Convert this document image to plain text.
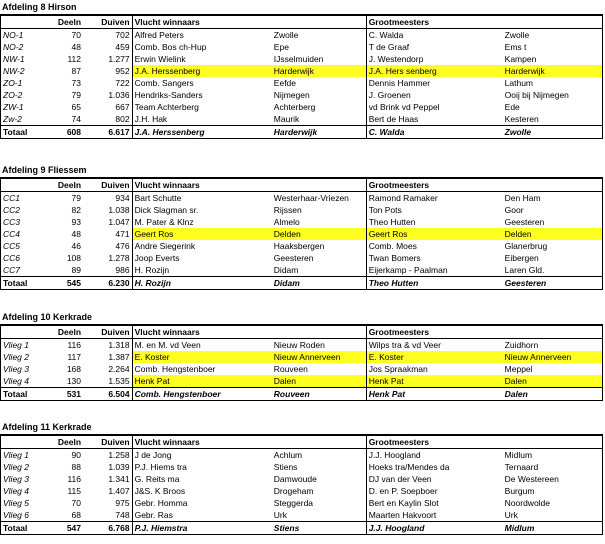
Afdeling 8 Hirson
	Deeln	Duiven	Vlucht winnaars		Grootmeesters	
NO-1	70	702	Alfred Peters	Zwolle	C. Walda	Zwolle
NO-2	48	459	Comb. Bos ch-Hup	Epe	T de Graaf	Ems t
NW-1	112	1.277	Erwin Wielink	IJsselmuiden	J. Westendorp	Kampen
NW-2	87	952	J.A. Herssenberg	Harderwijk	J.A. Hers senberg	Harderwijk
ZO-1	73	722	Comb. Sangers	Eefde	Dennis Hammer	Lathum
ZO-2	79	1.036	Hendriks-Sanders	Nijmegen	J. Groenen	Ooij bij Nijmegen
ZW-1	65	667	Team Achterberg	Achterberg	vd Brink vd Peppel	Ede
Zw-2	74	802	J.H. Hak	Maurik	Bert de Haas	Kesteren
Totaal	608	6.617	J.A. Herssenberg	Harderwijk	C. Walda	Zwolle
Afdeling 9 Fliessem
	Deeln	Duiven	Vlucht winnaars		Grootmeesters	
CC1	79	934	Bart Schutte	Westerhaar-Vriezen	Ramond Ramaker	Den Ham
CC2	82	1.038	Dick Slagman sr.	Rijssen	Ton Pots	Goor
CC3	93	1.047	M. Pater & Klnz	Almelo	Theo Hutten	Geesteren
CC4	48	471	Geert Ros	Delden	Geert Ros	Delden
CC5	46	476	Andre Siegerink	Haaksbergen	Comb. Moes	Glanerbrug
CC6	108	1.278	Joop Everts	Geesteren	Twan Bomers	Eibergen
CC7	89	986	H. Rozijn	Didam	Eijerkamp - Paalman	Laren Gld.
Totaal	545	6.230	H. Rozijn	Didam	Theo Hutten	Geesteren
Afdeling 10 Kerkrade
	Deeln	Duiven	Vlucht winnaars		Grootmeesters	
Vlieg 1	116	1.318	M. en M. vd Veen	Nieuw Roden	Wilps tra & vd Veer	Zuidhorn
Vlieg 2	117	1.387	E. Koster	Nieuw Annerveen	E. Koster	Nieuw Annerveen
Vlieg 3	168	2.264	Comb. Hengstenboer	Rouveen	Jos Spraakman	Meppel
Vlieg 4	130	1.535	Henk Pat	Dalen	Henk Pat	Dalen
Totaal	531	6.504	Comb. Hengstenboer	Rouveen	Henk Pat	Dalen
Afdeling 11 Kerkrade
	Deeln	Duiven	Vlucht winnaars		Grootmeesters	
Vlieg 1	90	1.258	J de Jong	Achlum	J.J. Hoogland	Midlum
Vlieg 2	88	1.039	P.J. Hiems tra	Stiens	Hoeks tra/Mendes da	Ternaard
Vlieg 3	116	1.341	G. Reits ma	Damwoude	DJ van der Veen	De Westereen
Vlieg 4	115	1.407	J&S. K Broos	Drogeham	D. en P. Soepboer	Burgum
Vlieg 5	70	975	Gebr. Homma	Steggerda	Bert en Kaylin Slot	Noordwolde
Vlieg 6	68	748	Gebr. Ras	Urk	Maarten Hakvoort	Urk
Totaal	547	6.768	P.J. Hiemstra	Stiens	J.J. Hoogland	Midlum
